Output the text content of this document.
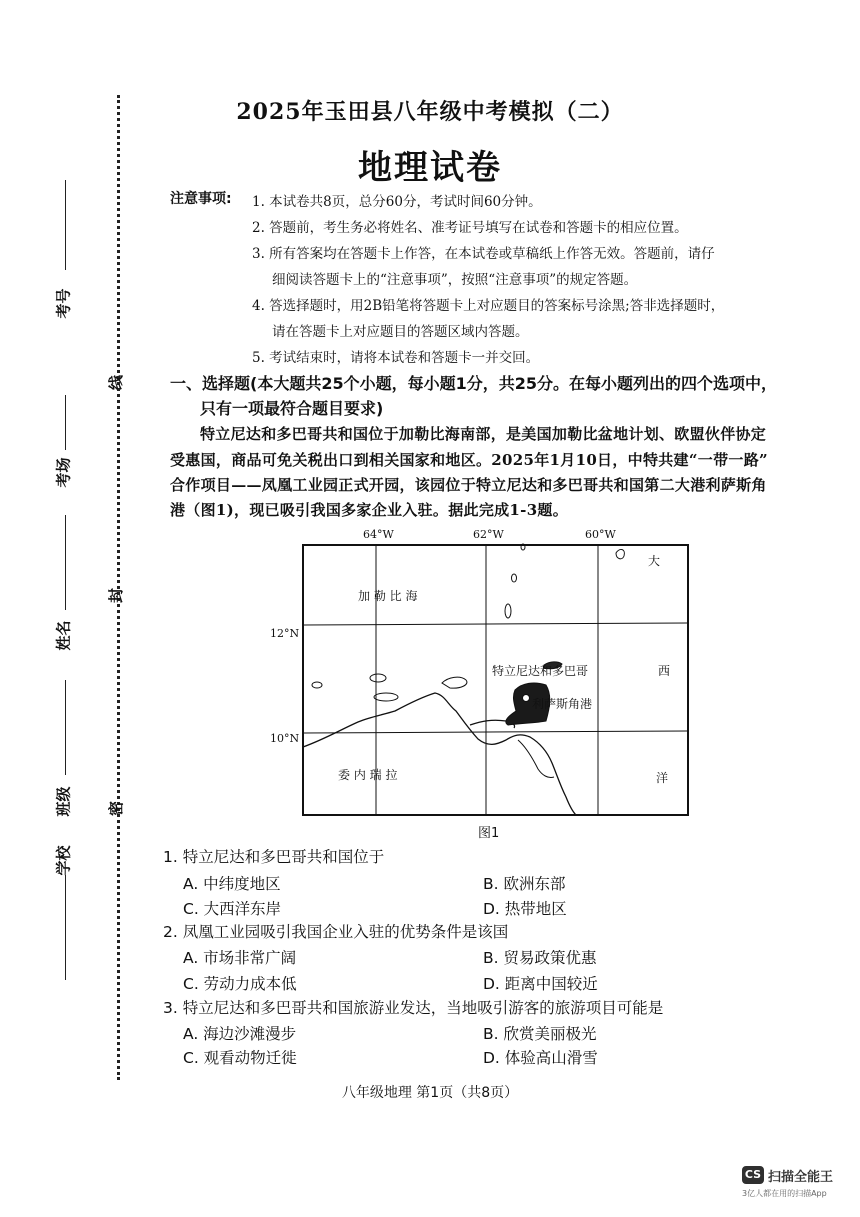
考号
考场
姓名
班级
学校
线
封
密
2025年玉田县八年级中考模拟（二）
地理试卷
注意事项: 1. 本试卷共8页，总分60分，考试时间60分钟。
2. 答题前，考生务必将姓名、准考证号填写在试卷和答题卡的相应位置。
3. 所有答案均在答题卡上作答，在本试卷或草稿纸上作答无效。答题前，请仔
细阅读答题卡上的“注意事项”，按照“注意事项”的规定答题。
4. 答选择题时，用2B铅笔将答题卡上对应题目的答案标号涂黑;答非选择题时，
请在答题卡上对应题目的答题区域内答题。
5. 考试结束时，请将本试卷和答题卡一并交回。
一、选择题(本大题共25个小题，每小题1分，共25分。在每小题列出的四个选项中，
只有一项最符合题目要求)
特立尼达和多巴哥共和国位于加勒比海南部，是美国加勒比盆地计划、欧盟伙伴协定
受惠国，商品可免关税出口到相关国家和地区。2025年1月10日，中特共建“一带一路”
合作项目——凤凰工业园正式开园，该园位于特立尼达和多巴哥共和国第二大港利萨斯角
港（图1)，现已吸引我国多家企业入驻。据此完成1-3题。
64°W	62°W	60°W
12°N
10°N
加 勒 比 海
大
西
洋
委 内 瑞 拉
特立尼达和多巴哥
利萨斯角港
图1
1. 特立尼达和多巴哥共和国位于
A. 中纬度地区	B. 欧洲东部
C. 大西洋东岸	D. 热带地区
2. 凤凰工业园吸引我国企业入驻的优势条件是该国
A. 市场非常广阔	B. 贸易政策优惠
C. 劳动力成本低	D. 距离中国较近
3. 特立尼达和多巴哥共和国旅游业发达，当地吸引游客的旅游项目可能是
A. 海边沙滩漫步	B. 欣赏美丽极光
C. 观看动物迁徙	D. 体验高山滑雪
八年级地理 第1页（共8页）
CS 扫描全能王
3亿人都在用的扫描App
